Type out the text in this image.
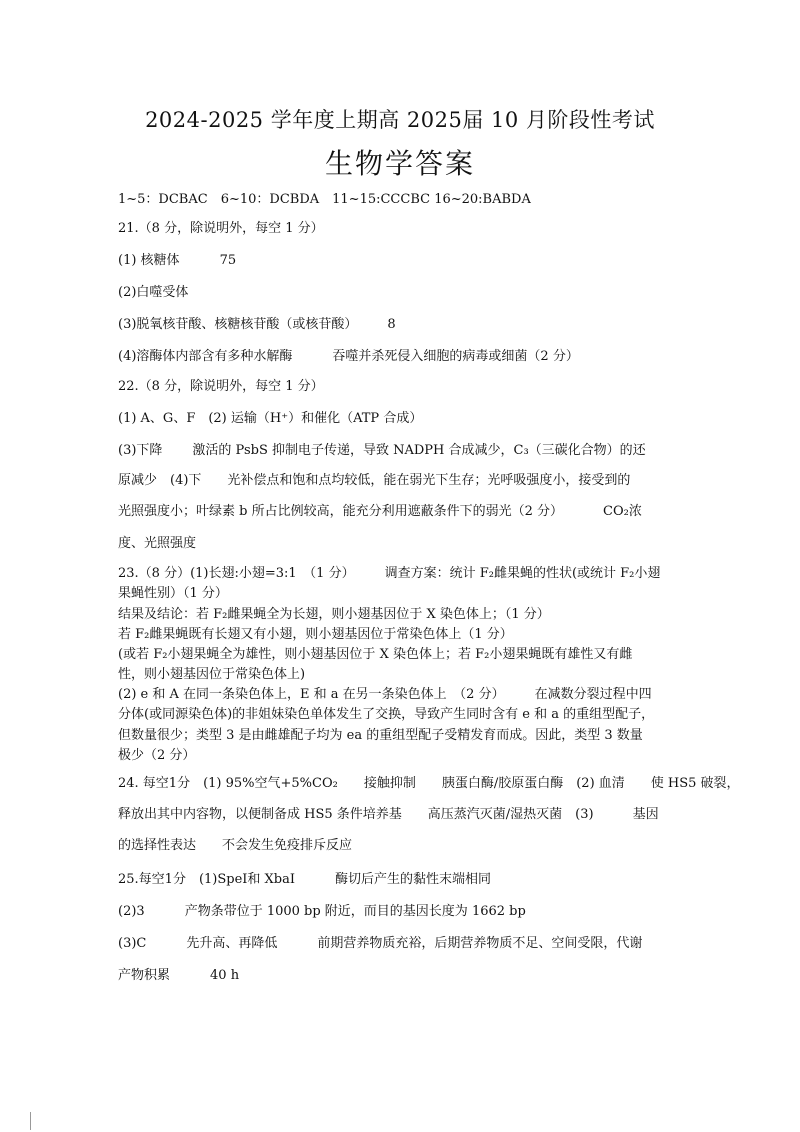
2024-2025 学年度上期高 2025届 10 月阶段性考试
生物学答案
1~5：DCBAC　6~10：DCBDA　11~15:CCCBC 16~20:BABDA
21.（8 分，除说明外，每空 1 分）
(1) 核糖体	75
(2)白噬受体
(3)脱氧核苷酸、核糖核苷酸（或核苷酸） 8
(4)溶酶体内部含有多种水解酶	吞噬并杀死侵入细胞的病毒或细菌（2 分）
22.（8 分，除说明外，每空 1 分）
(1) A、G、F　(2) 运输（H⁺）和催化（ATP 合成）
(3)下降 激活的 PsbS 抑制电子传递，导致 NADPH 合成减少，C₃（三碳化合物）的还
原减少　(4)下　　光补偿点和饱和点均较低，能在弱光下生存；光呼吸强度小，接受到的
光照强度小；叶绿素 b 所占比例较高，能充分利用遮蔽条件下的弱光（2 分）	CO₂浓
度、光照强度
23.（8 分）(1)长翅:小翅=3:1　（1 分） 调查方案：统计 F₂雌果蝇的性状(或统计 F₂小翅
果蝇性别）（1 分）
结果及结论：若 F₂雌果蝇全为长翅，则小翅基因位于 X 染色体上；（1 分）
若 F₂雌果蝇既有长翅又有小翅，则小翅基因位于常染色体上（1 分）
(或若 F₂小翅果蝇全为雄性，则小翅基因位于 X 染色体上；若 F₂小翅果蝇既有雄性又有雌
性，则小翅基因位于常染色体上)
(2) e 和 A 在同一条染色体上，E 和 a 在另一条染色体上　（2 分） 在减数分裂过程中四
分体(或同源染色体)的非姐妹染色单体发生了交换，导致产生同时含有 e 和 a 的重组型配子，
但数量很少；类型 3 是由雌雄配子均为 ea 的重组型配子受精发育而成。因此，类型 3 数量
极少（2 分）
24. 每空1分　(1) 95%空气+5%CO₂　　接触抑制　　胰蛋白酶/胶原蛋白酶　(2) 血清　　使 HS5 破裂，
释放出其中内容物，以便制备成 HS5 条件培养基　　高压蒸汽灭菌/湿热灭菌　(3)　　　基因
的选择性表达　　不会发生免疫排斥反应
25.每空1分　(1)SpeI和 XbaI	酶切后产生的黏性末端相同
(2)3	产物条带位于 1000 bp 附近，而目的基因长度为 1662 bp
(3)C	先升高、再降低	前期营养物质充裕，后期营养物质不足、空间受限，代谢
产物积累	40 h
